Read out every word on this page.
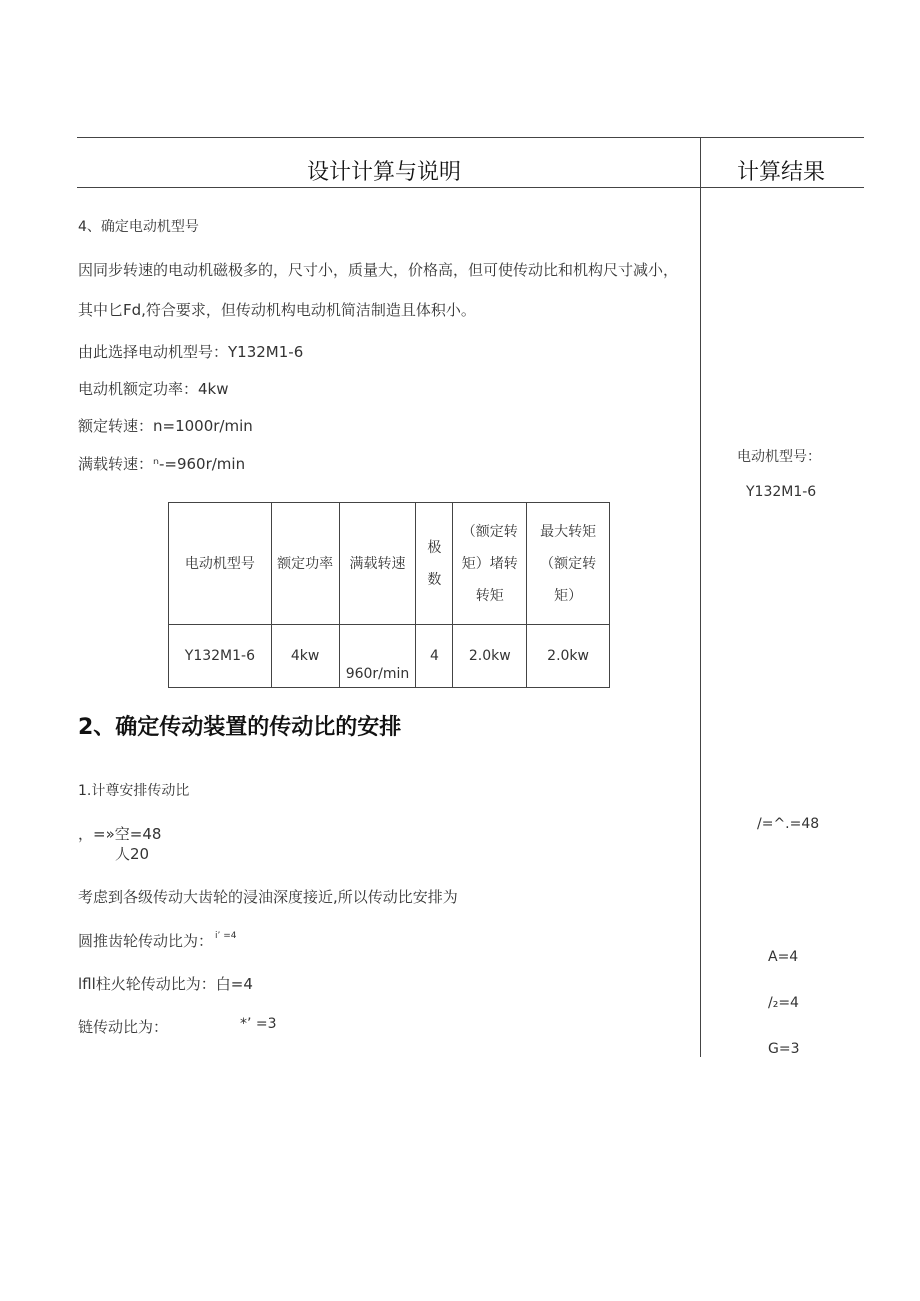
设计计算与说明	计算结果
4、确定电动机型号
因同步转速的电动机磁极多的，尺寸小，质量大，价格高，但可使传动比和机构尺寸减小，
其中匕Fd,符合要求，但传动机构电动机简洁制造且体积小。
由此选择电动机型号：Y132M1-6
电动机额定功率：4kw
额定转速：n=1000r/min
满载转速：ⁿ-=960r/min
电动机型号	额定功率	满载转速	极数	（额定转矩）堵转转矩	最大转矩（额定转矩）
Y132M1-6	4kw	960r/min	4	2.0kw	2.0kw
2、确定传动装置的传动比的安排
1.计尊安排传动比
，=»空=48
人20
考虑到各级传动大齿轮的浸油深度接近,所以传动比安排为
圆推齿轮传动比为： i’ =4
lfll柱火轮传动比为：白=4
链传动比为：	*’ =3
电动机型号：
Y132M1-6
/=^.=48
A=4
/₂=4
G=3
